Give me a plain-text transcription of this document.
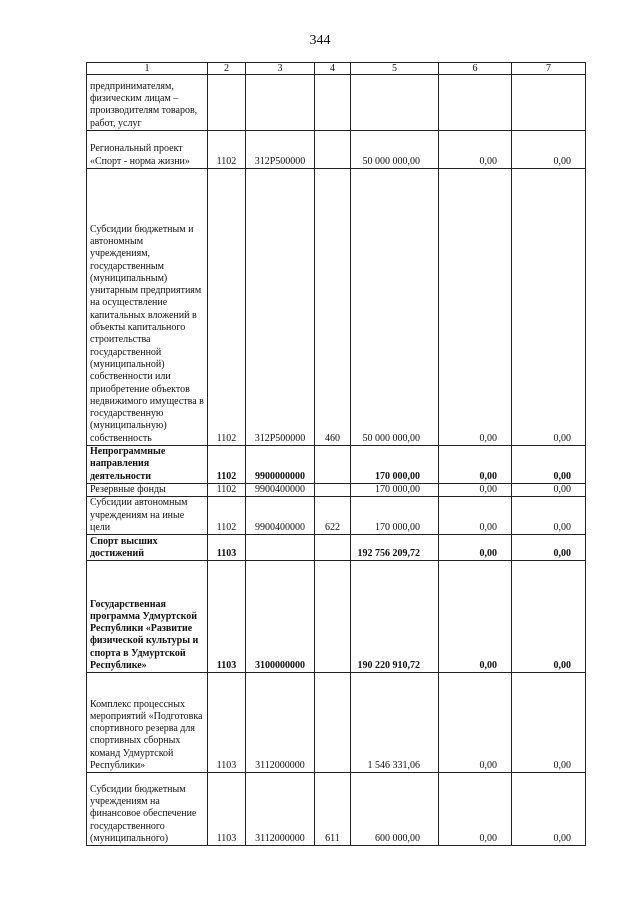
344
1	2	3	4	5	6	7
предпринимателям, физическим лицам – производителям товаров, работ, услуг						
Региональный проект «Спорт - норма жизни»	1102	312Р500000		50 000 000,00	0,00	0,00
Субсидии бюджетным и автономным учреждениям, государственным (муниципальным) унитарным предприятиям на осуществление капитальных вложений в объекты капитального строительства государственной (муниципальной) собственности или приобретение объектов недвижимого имущества в государственную (муниципальную) собственность	1102	312Р500000	460	50 000 000,00	0,00	0,00
Непрограммные направления деятельности	1102	9900000000		170 000,00	0,00	0,00
Резервные фонды	1102	9900400000		170 000,00	0,00	0,00
Субсидии автономным учреждениям на иные цели	1102	9900400000	622	170 000,00	0,00	0,00
Спорт высших достижений	1103			192 756 209,72	0,00	0,00
Государственная программа Удмуртской Республики «Развитие физической культуры и спорта в Удмуртской Республике»	1103	3100000000		190 220 910,72	0,00	0,00
Комплекс процессных мероприятий «Подготовка спортивного резерва для спортивных сборных команд Удмуртской Республики»	1103	3112000000		1 546 331,06	0,00	0,00
Субсидии бюджетным учреждениям на финансовое обеспечение государственного (муниципального)	1103	3112000000	611	600 000,00	0,00	0,00
